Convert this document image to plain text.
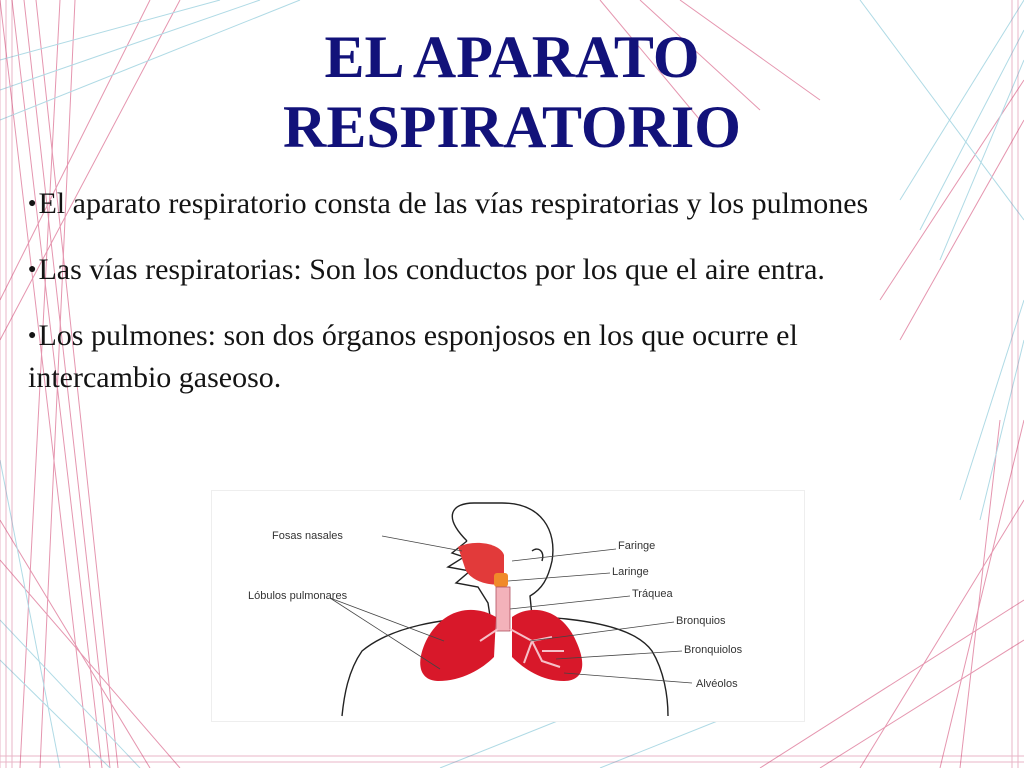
EL APARATO
RESPIRATORIO
●El aparato respiratorio consta de las vías respiratorias y los pulmones
●Las vías respiratorias: Son los conductos por los que el aire entra.
●Los pulmones: son dos órganos esponjosos en los que ocurre el intercambio gaseoso.
Fosas nasales
Lóbulos pulmonares
Faringe
Laringe
Tráquea
Bronquios
Bronquiolos
Alvéolos
